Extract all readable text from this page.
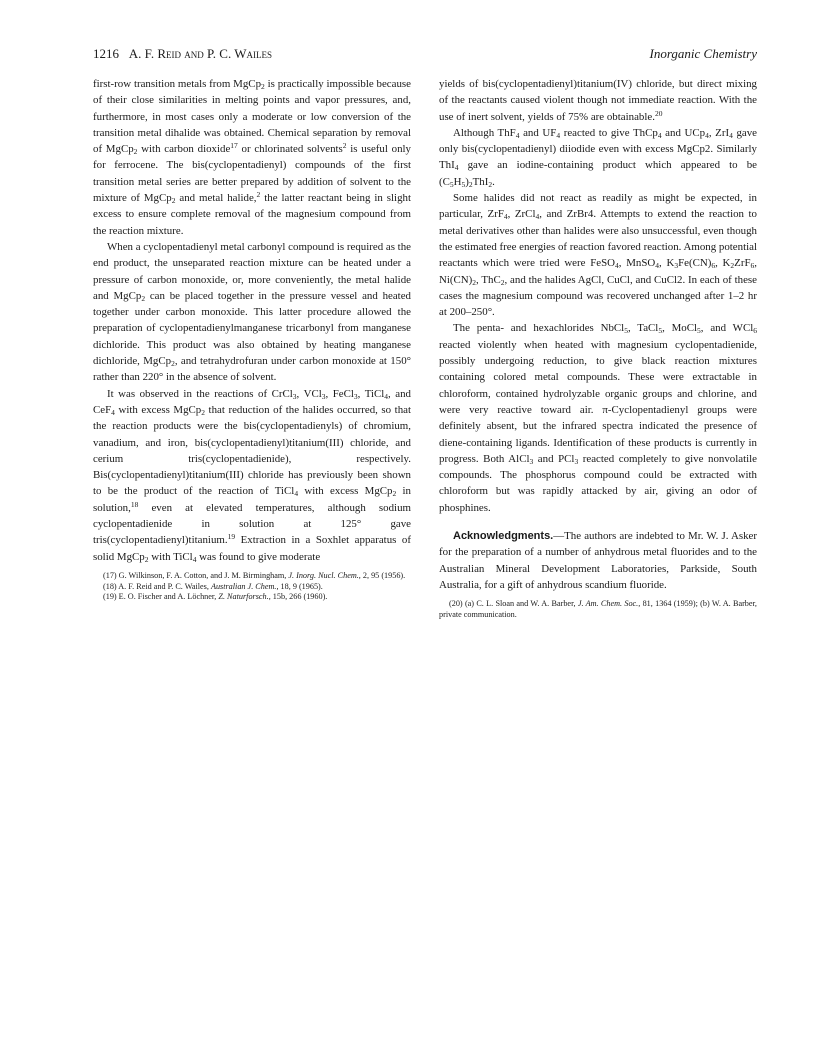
1216 A. F. Reid and P. C. Wailes	Inorganic Chemistry

first-row transition metals from MgCp$_2$ is practically impossible because of their close similarities in melting points and vapor pressures, and, furthermore, in most cases only a moderate or low conversion of the transition metal dihalide was obtained. Chemical separation by removal of MgCp$_2$ with carbon dioxide$^{17}$ or chlorinated solvents$^2$ is useful only for ferrocene. The bis(cyclopentadienyl) compounds of the first transition metal series are better prepared by addition of solvent to the mixture of MgCp$_2$ and metal halide,$^2$ the latter reactant being in slight excess to ensure complete removal of the magnesium compound from the reaction mixture.

When a cyclopentadienyl metal carbonyl compound is required as the end product, the unseparated reaction mixture can be heated under a pressure of carbon monoxide, or, more conveniently, the metal halide and MgCp$_2$ can be placed together in the pressure vessel and heated together under carbon monoxide. This latter procedure allowed the preparation of cyclopentadienylmanganese tricarbonyl from manganese dichloride. This product was also obtained by heating manganese dichloride, MgCp$_2$, and tetrahydrofuran under carbon monoxide at 150° rather than 220° in the absence of solvent.

It was observed in the reactions of CrCl$_3$, VCl$_3$, FeCl$_3$, TiCl$_4$, and CeF$_4$ with excess MgCp$_2$ that reduction of the halides occurred, so that the reaction products were the bis(cyclopentadienyls) of chromium, vanadium, and iron, bis(cyclopentadienyl)titanium(III) chloride, and cerium tris(cyclopentadienide), respectively. Bis(cyclopentadienyl)titanium(III) chloride has previously been shown to be the product of the reaction of TiCl$_4$ with excess MgCp$_2$ in solution,$^{18}$ even at elevated temperatures, although sodium cyclopentadienide in solution at 125° gave tris(cyclopentadienyl)titanium.$^{19}$ Extraction in a Soxhlet apparatus of solid MgCp$_2$ with TiCl$_4$ was found to give moderate

(17) G. Wilkinson, F. A. Cotton, and J. M. Birmingham, J. Inorg. Nucl. Chem., 2, 95 (1956).
(18) A. F. Reid and P. C. Wailes, Australian J. Chem., 18, 9 (1965).
(19) E. O. Fischer and A. Löchner, Z. Naturforsch., 15b, 266 (1960).

yields of bis(cyclopentadienyl)titanium(IV) chloride, but direct mixing of the reactants caused violent though not immediate reaction. With the use of inert solvent, yields of 75% are obtainable.$^{20}$

Although ThF$_4$ and $UF_4$ reacted to give ThCp$_4$ and UCp$_4$, ZrI$_4$ gave only bis(cyclopentadienyl) diiodide even with excess MgCp2. Similarly ThI$_4$ gave an iodine-containing product which appeared to be $(C_5H_5)_2ThI_2$.

Some halides did not react as readily as might be expected, in particular, ZrF$_4$, ZrCl$_4$, and ZrBr4. Attempts to extend the reaction to metal derivatives other than halides were also unsuccessful, even though the estimated free energies of reaction favored reaction. Among potential reactants which were tried were FeSO$_4$, MnSO$_4$, $K_3Fe(CN)_6$, $K_2ZrF_6$, $Ni(CN)_2$, ThC$_2$, and the halides AgCl, CuCl, and CuCl2. In each of these cases the magnesium compound was recovered unchanged after 1–2 hr at 200–250°.

The penta- and hexachlorides NbCl$_5$, TaCl$_5$, MoCl$_5$, and WCl$_6$ reacted violently when heated with magnesium cyclopentadienide, possibly undergoing reduction, to give black reaction mixtures containing colored metal compounds. These were extractable in chloroform, contained hydrolyzable organic groups and chlorine, and were very reactive toward air. π-Cyclopentadienyl groups were definitely absent, but the infrared spectra indicated the presence of diene-containing ligands. Identification of these products is currently in progress. Both AlCl$_3$ and PCl$_3$ reacted completely to give nonvolatile compounds. The phosphorus compound could be extracted with chloroform but was rapidly attacked by air, giving an odor of phosphines.

Acknowledgments.—The authors are indebted to Mr. W. J. Asker for the preparation of a number of anhydrous metal fluorides and to the Australian Mineral Development Laboratories, Parkside, South Australia, for a gift of anhydrous scandium fluoride.

(20) (a) C. L. Sloan and W. A. Barber, J. Am. Chem. Soc., 81, 1364 (1959); (b) W. A. Barber, private communication.
